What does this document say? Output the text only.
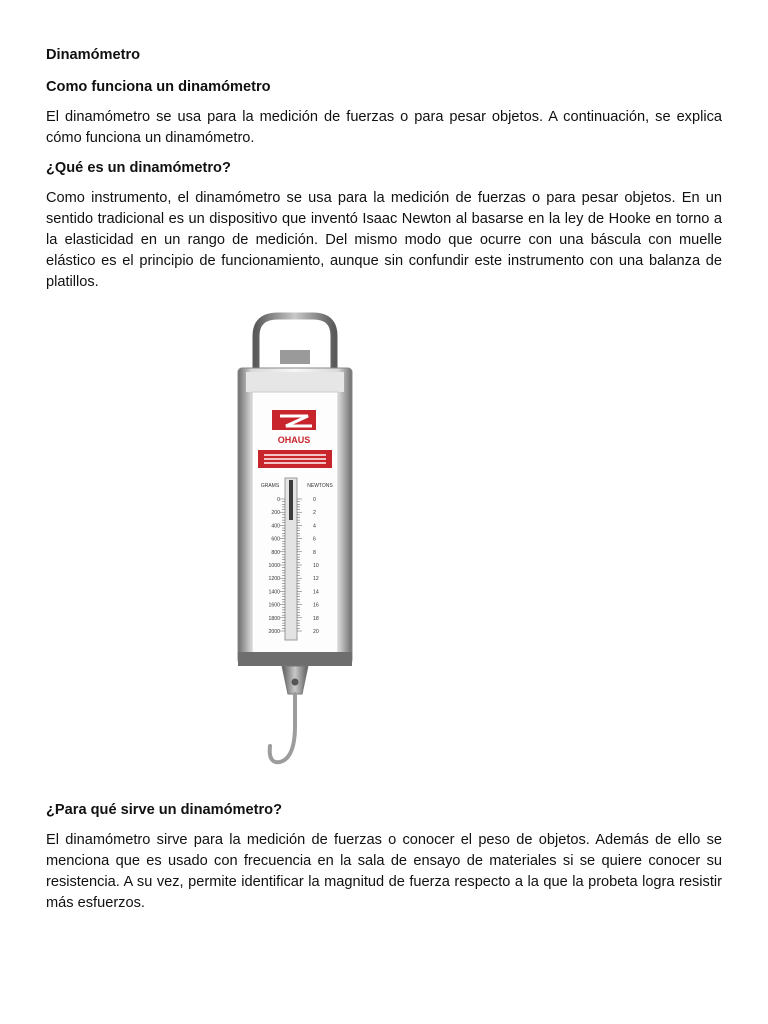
Dinamómetro

Como funciona un dinamómetro

El dinamómetro se usa para la medición de fuerzas o para pesar objetos. A continuación, se explica cómo funciona un dinamómetro.

¿Qué es un dinamómetro?

Como instrumento, el dinamómetro se usa para la medición de fuerzas o para pesar objetos. En un sentido tradicional es un dispositivo que inventó Isaac Newton al basarse en la ley de Hooke en torno a la elasticidad en un rango de medición. Del mismo modo que ocurre con una báscula con muelle elástico es el principio de funcionamiento, aunque sin confundir este instrumento con una balanza de platillos.

OHAUS
GRAMS	NEWTONS
0
200
400
600
800
1000
1200
1400
1600
1800
2000
0
2
4
6
8
10
12
14
16
18
20

¿Para qué sirve un dinamómetro?

El dinamómetro sirve para la medición de fuerzas o conocer el peso de objetos. Además de ello se menciona que es usado con frecuencia en la sala de ensayo de materiales si se quiere conocer su resistencia. A su vez, permite identificar la magnitud de fuerza respecto a la que la probeta logra resistir más esfuerzos.
